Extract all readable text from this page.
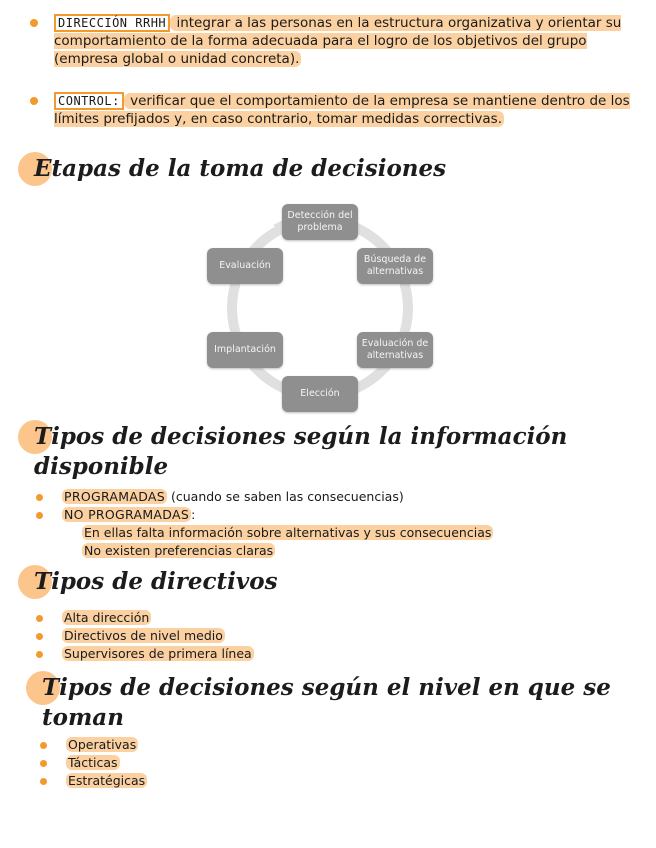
DIRECCIÓN RRHH integrar a las personas en la estructura organizativa y orientar su comportamiento de la forma adecuada para el logro de los objetivos del grupo (empresa global o unidad concreta).
CONTROL: verificar que el comportamiento de la empresa se mantiene dentro de los límites prefijados y, en caso contrario, tomar medidas correctivas.
Etapas de la toma de decisiones
Detección del problema
Búsqueda de alternativas
Evaluación de alternativas
Elección
Implantación
Evaluación
Tipos de decisiones según la información disponible
PROGRAMADAS (cuando se saben las consecuencias)
NO PROGRAMADAS :
En ellas falta información sobre alternativas y sus consecuencias
No existen preferencias claras
Tipos de directivos
Alta dirección
Directivos de nivel medio
Supervisores de primera línea
Tipos de decisiones según el nivel en que se toman
Operativas
Tácticas
Estratégicas
